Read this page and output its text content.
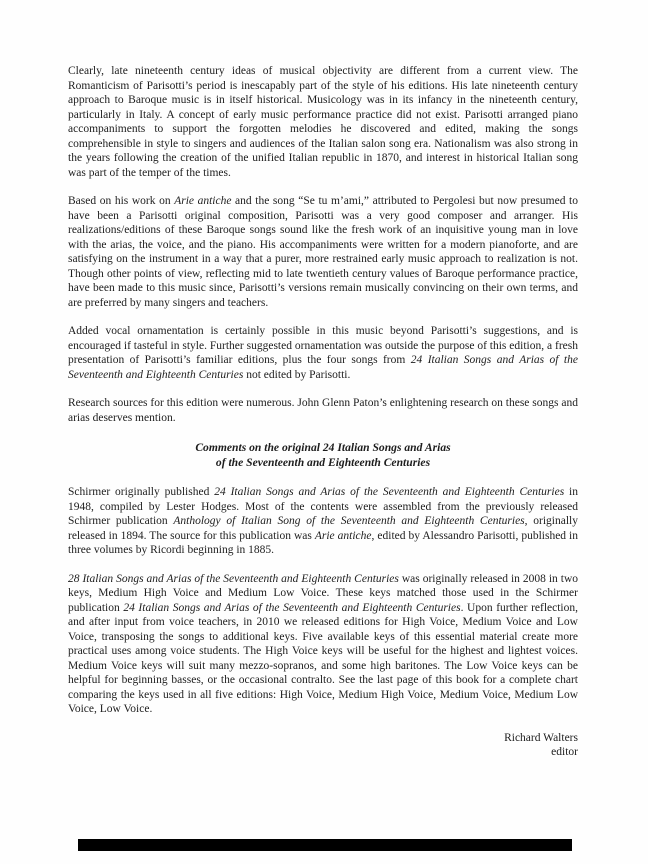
Clearly, late nineteenth century ideas of musical objectivity are different from a current view. The Romanticism of Parisotti’s period is inescapably part of the style of his editions. His late nineteenth century approach to Baroque music is in itself historical. Musicology was in its infancy in the nineteenth century, particularly in Italy. A concept of early music performance practice did not exist. Parisotti arranged piano accompaniments to support the forgotten melodies he discovered and edited, making the songs comprehensible in style to singers and audiences of the Italian salon song era. Nationalism was also strong in the years following the creation of the unified Italian republic in 1870, and interest in historical Italian song was part of the temper of the times.

Based on his work on Arie antiche and the song “Se tu m’ami,” attributed to Pergolesi but now presumed to have been a Parisotti original composition, Parisotti was a very good composer and arranger. His realizations/editions of these Baroque songs sound like the fresh work of an inquisitive young man in love with the arias, the voice, and the piano. His accompaniments were written for a modern pianoforte, and are satisfying on the instrument in a way that a purer, more restrained early music approach to realization is not. Though other points of view, reflecting mid to late twentieth century values of Baroque performance practice, have been made to this music since, Parisotti’s versions remain musically convincing on their own terms, and are preferred by many singers and teachers.

Added vocal ornamentation is certainly possible in this music beyond Parisotti’s suggestions, and is encouraged if tasteful in style. Further suggested ornamentation was outside the purpose of this edition, a fresh presentation of Parisotti’s familiar editions, plus the four songs from 24 Italian Songs and Arias of the Seventeenth and Eighteenth Centuries not edited by Parisotti.

Research sources for this edition were numerous. John Glenn Paton’s enlightening research on these songs and arias deserves mention.

Comments on the original 24 Italian Songs and Arias
of the Seventeenth and Eighteenth Centuries

Schirmer originally published 24 Italian Songs and Arias of the Seventeenth and Eighteenth Centuries in 1948, compiled by Lester Hodges. Most of the contents were assembled from the previously released Schirmer publication Anthology of Italian Song of the Seventeenth and Eighteenth Centuries, originally released in 1894. The source for this publication was Arie antiche, edited by Alessandro Parisotti, published in three volumes by Ricordi beginning in 1885.

28 Italian Songs and Arias of the Seventeenth and Eighteenth Centuries was originally released in 2008 in two keys, Medium High Voice and Medium Low Voice. These keys matched those used in the Schirmer publication 24 Italian Songs and Arias of the Seventeenth and Eighteenth Centuries. Upon further reflection, and after input from voice teachers, in 2010 we released editions for High Voice, Medium Voice and Low Voice, transposing the songs to additional keys. Five available keys of this essential material create more practical uses among voice students. The High Voice keys will be useful for the highest and lightest voices. Medium Voice keys will suit many mezzo-sopranos, and some high baritones. The Low Voice keys can be helpful for beginning basses, or the occasional contralto. See the last page of this book for a complete chart comparing the keys used in all five editions: High Voice, Medium High Voice, Medium Voice, Medium Low Voice, Low Voice.

Richard Walters
editor
